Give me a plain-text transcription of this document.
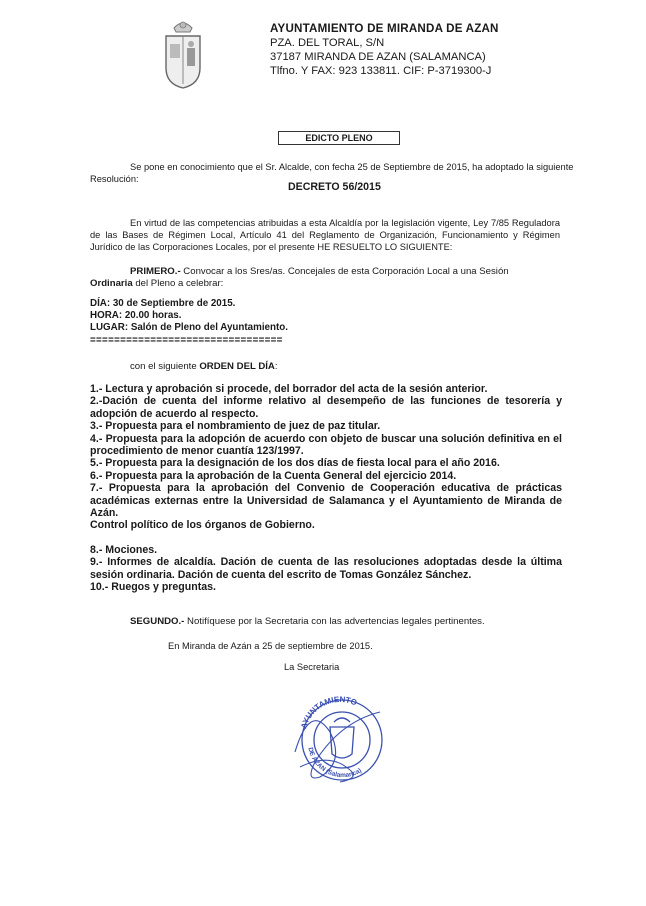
AYUNTAMIENTO DE MIRANDA DE AZAN
PZA. DEL TORAL, S/N
37187 MIRANDA DE AZAN (SALAMANCA)
Tlfno. Y FAX: 923 133811. CIF: P-3719300-J
EDICTO PLENO
Se pone en conocimiento que el Sr. Alcalde, con fecha 25 de Septiembre de 2015, ha adoptado la siguiente
Resolución:
DECRETO 56/2015
En virtud de las competencias atribuidas a esta Alcaldía por la legislación vigente, Ley 7/85 Reguladora de las Bases de Régimen Local, Artículo 41 del Reglamento de Organización, Funcionamiento y Régimen Jurídico de las Corporaciones Locales, por el presente HE RESUELTO LO SIGUIENTE:
PRIMERO.- Convocar a los Sres/as. Concejales de esta Corporación Local a una Sesión
Ordinaria del Pleno a celebrar:
DÍA: 30 de Septiembre de 2015.
HORA: 20.00 horas.
LUGAR: Salón de Pleno del Ayuntamiento.
================================
con el siguiente ORDEN DEL DÍA:
1.- Lectura y aprobación si procede, del borrador del acta de la sesión anterior.
2.-Dación de cuenta del informe relativo al desempeño de las funciones de tesorería y adopción de acuerdo al respecto.
3.- Propuesta para el nombramiento de juez de paz titular.
4.- Propuesta para la adopción de acuerdo con objeto de buscar una solución definitiva en el procedimiento de menor cuantía 123/1997.
5.- Propuesta para la designación de los dos días de fiesta local para el año 2016.
6.- Propuesta para la aprobación de la Cuenta General del ejercicio 2014.
7.- Propuesta para la aprobación del Convenio de Cooperación educativa de prácticas académicas externas entre la Universidad de Salamanca y el Ayuntamiento de Miranda de Azán.
Control político de los órganos de Gobierno.
8.- Mociones.
9.- Informes de alcaldía. Dación de cuenta de las resoluciones adoptadas desde la última sesión ordinaria. Dación de cuenta del escrito de Tomas González Sánchez.
10.- Ruegos y preguntas.
SEGUNDO.- Notifíquese por la Secretaria con las advertencias legales pertinentes.
En Miranda de Azán a 25 de septiembre de 2015.
La Secretaria
AYUNTAMIENTO
DE AZAN (Salamanca)
